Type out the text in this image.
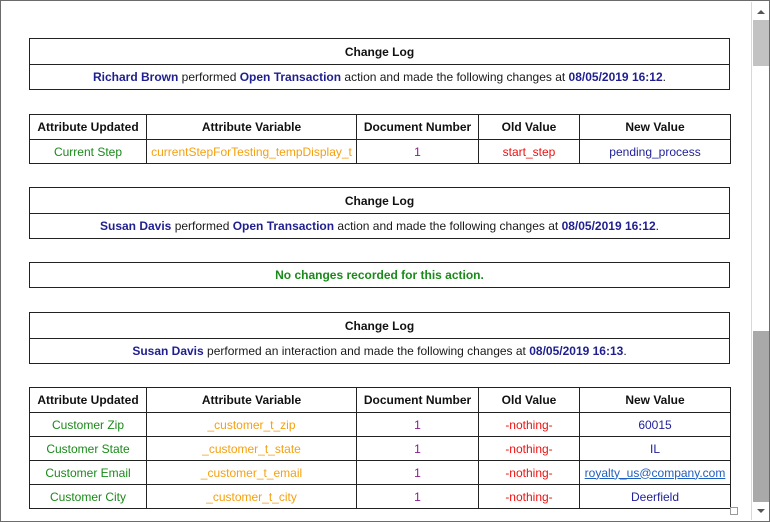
Change Log
Richard Brown performed Open Transaction action and made the following changes at 08/05/2019 16:12.
Attribute Updated	Attribute Variable	Document Number	Old Value	New Value
Current Step	currentStepForTesting_tempDisplay_t	1	start_step	pending_process
Change Log
Susan Davis performed Open Transaction action and made the following changes at 08/05/2019 16:12.
No changes recorded for this action.
Change Log
Susan Davis performed an interaction and made the following changes at 08/05/2019 16:13.
Attribute Updated	Attribute Variable	Document Number	Old Value	New Value
Customer Zip	_customer_t_zip	1	-nothing-	60015
Customer State	_customer_t_state	1	-nothing-	IL
Customer Email	_customer_t_email	1	-nothing-	royalty_us@company.com
Customer City	_customer_t_city	1	-nothing-	Deerfield
